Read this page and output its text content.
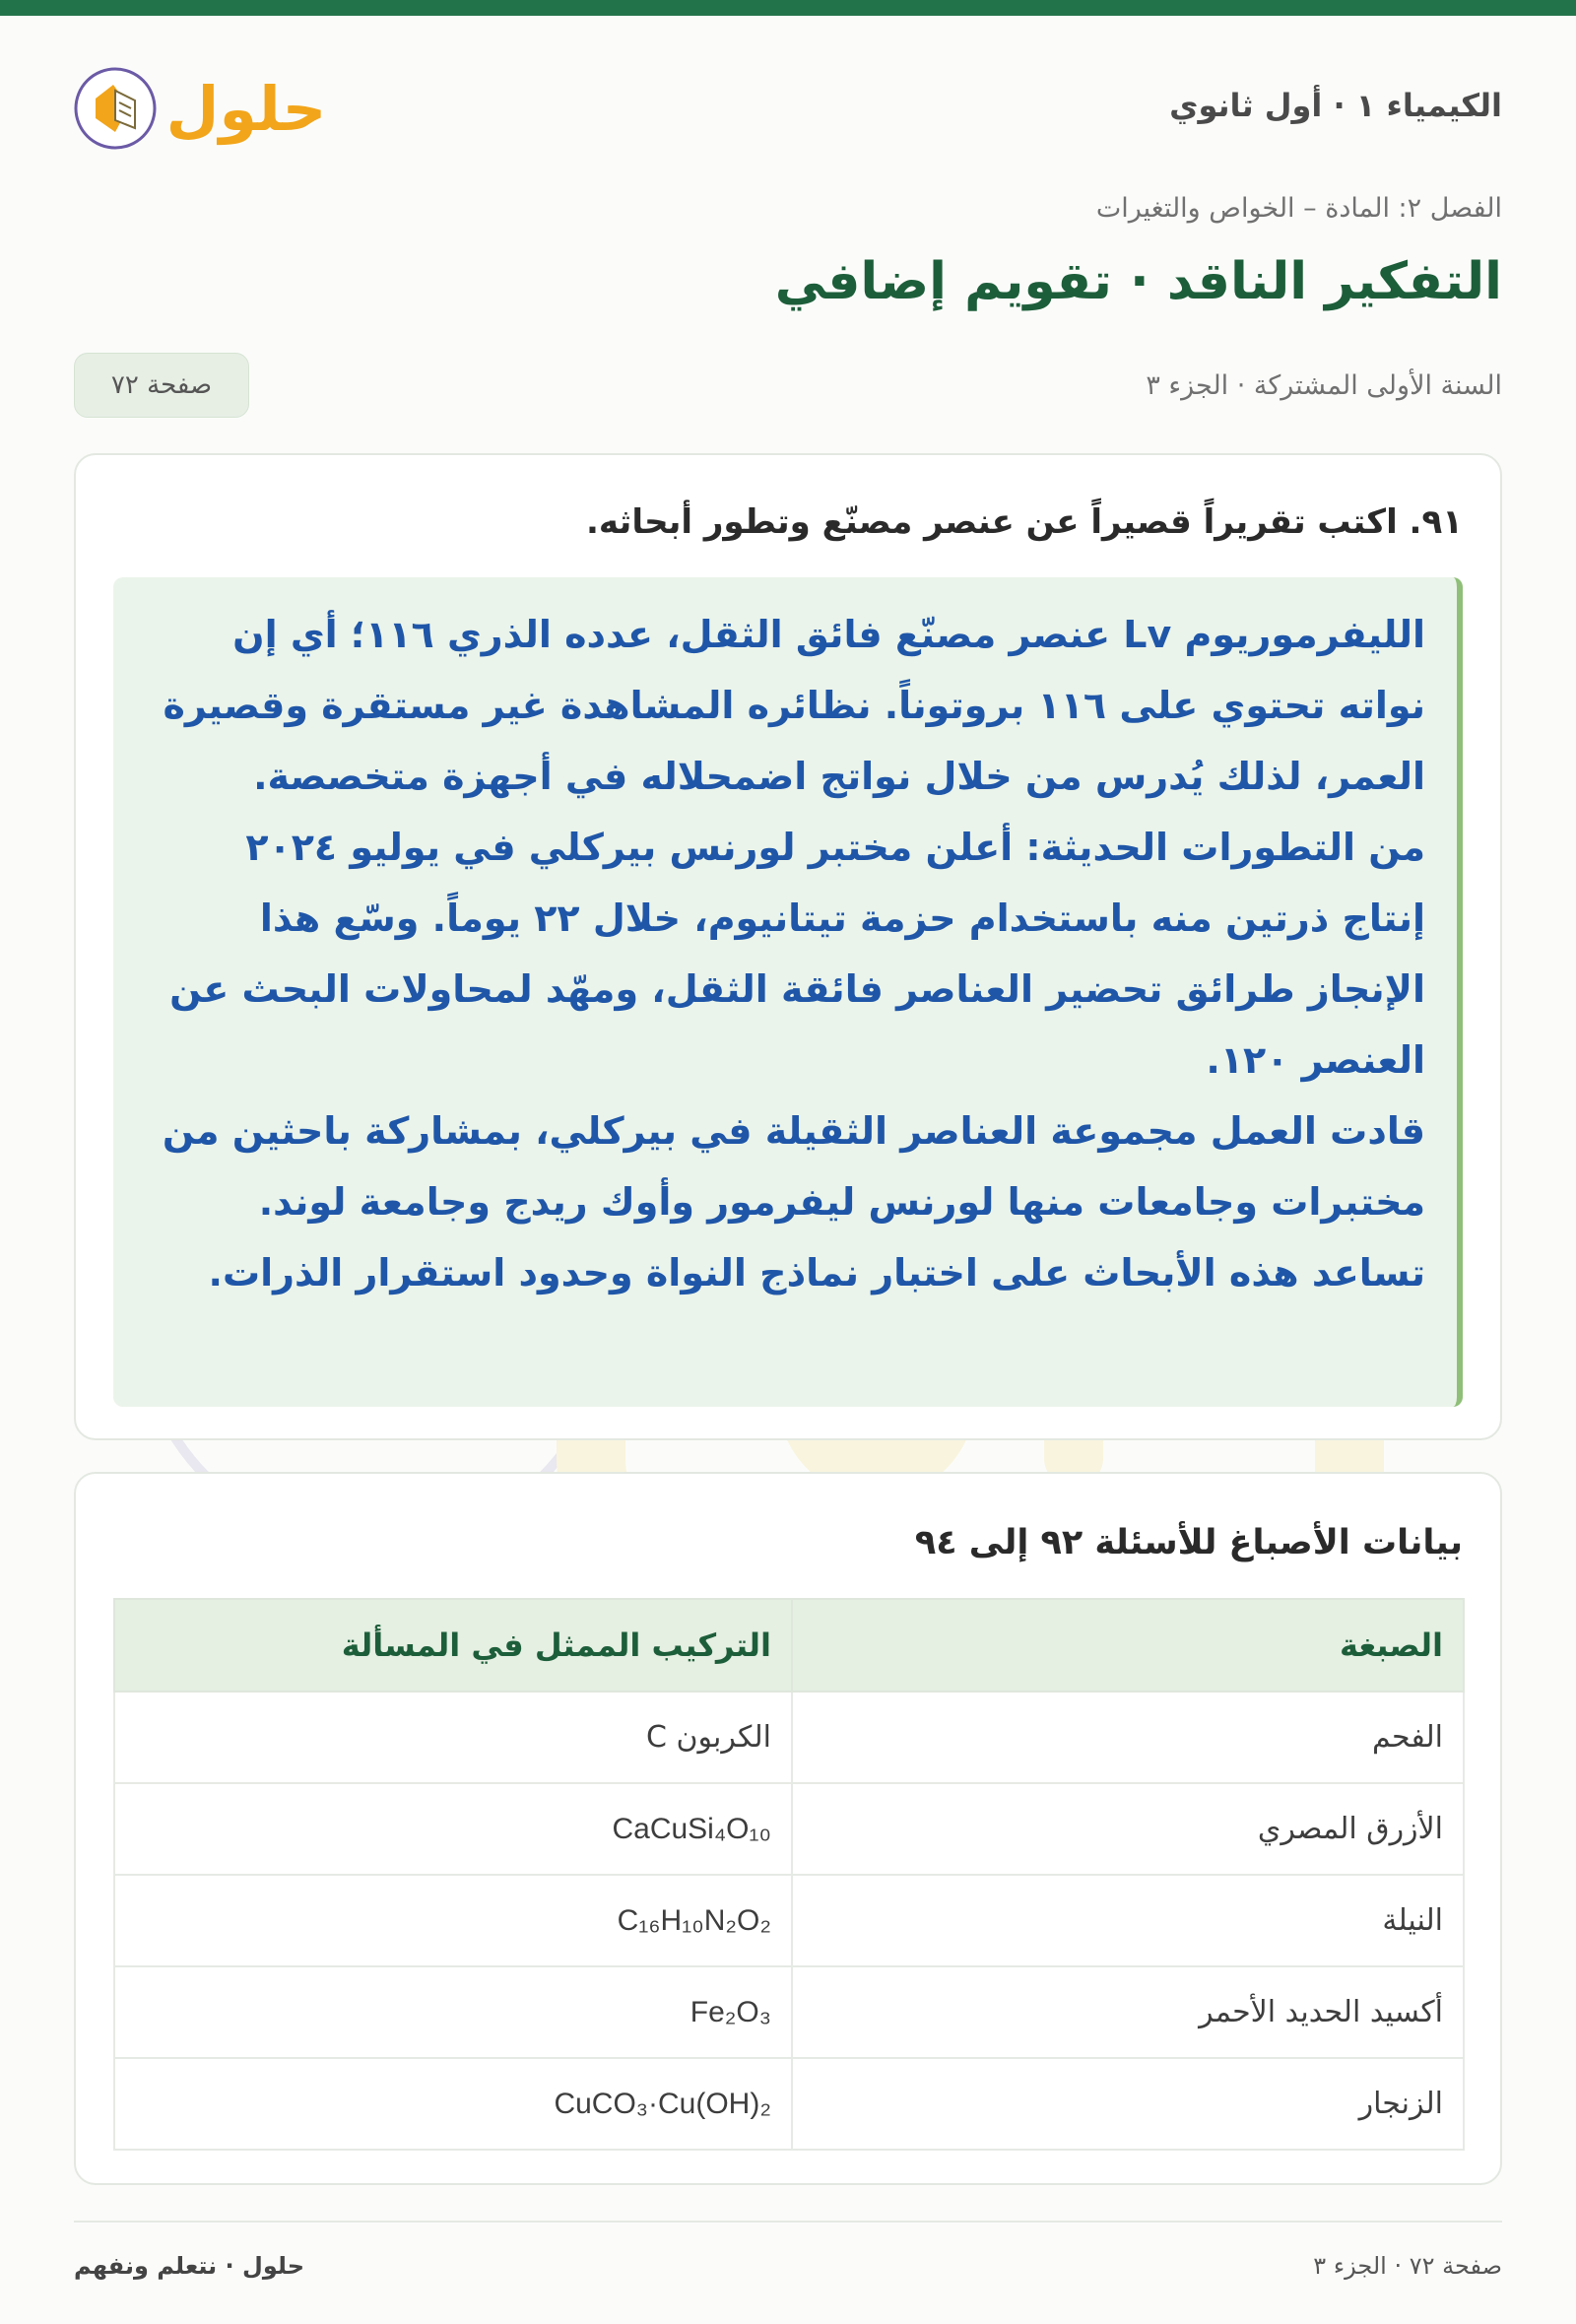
الكيمياء ١ · أول ثانوي
حلول
الفصل ٢: المادة – الخواص والتغيرات
التفكير الناقد · تقويم إضافي
السنة الأولى المشتركة · الجزء ٣
صفحة ٧٢
٩١. اكتب تقريراً قصيراً عن عنصر مصنّع وتطور أبحاثه.

الليفرموريوم Lv عنصر مصنّع فائق الثقل، عدده الذري ١١٦؛ أي إن نواته تحتوي على ١١٦ بروتوناً. نظائره المشاهدة غير مستقرة وقصيرة العمر، لذلك يُدرس من خلال نواتج اضمحلاله في أجهزة متخصصة.

من التطورات الحديثة: أعلن مختبر لورنس بيركلي في يوليو ٢٠٢٤ إنتاج ذرتين منه باستخدام حزمة تيتانيوم، خلال ٢٢ يوماً. وسّع هذا الإنجاز طرائق تحضير العناصر فائقة الثقل، ومهّد لمحاولات البحث عن العنصر ١٢٠.

قادت العمل مجموعة العناصر الثقيلة في بيركلي، بمشاركة باحثين من مختبرات وجامعات منها لورنس ليفرمور وأوك ريدج وجامعة لوند. تساعد هذه الأبحاث على اختبار نماذج النواة وحدود استقرار الذرات.

بيانات الأصباغ للأسئلة ٩٢ إلى ٩٤
الصبغة	التركيب الممثل في المسألة
الفحم	الكربون C
الأزرق المصري	CaCuSi₄O₁₀

النيلة	C₁₆H₁₀N₂O₂

أكسيد الحديد الأحمر	Fe₂O₃

الزنجار	CuCO₃·Cu(OH)₂
صفحة ٧٢ · الجزء ٣
حلول · نتعلم ونفهم
